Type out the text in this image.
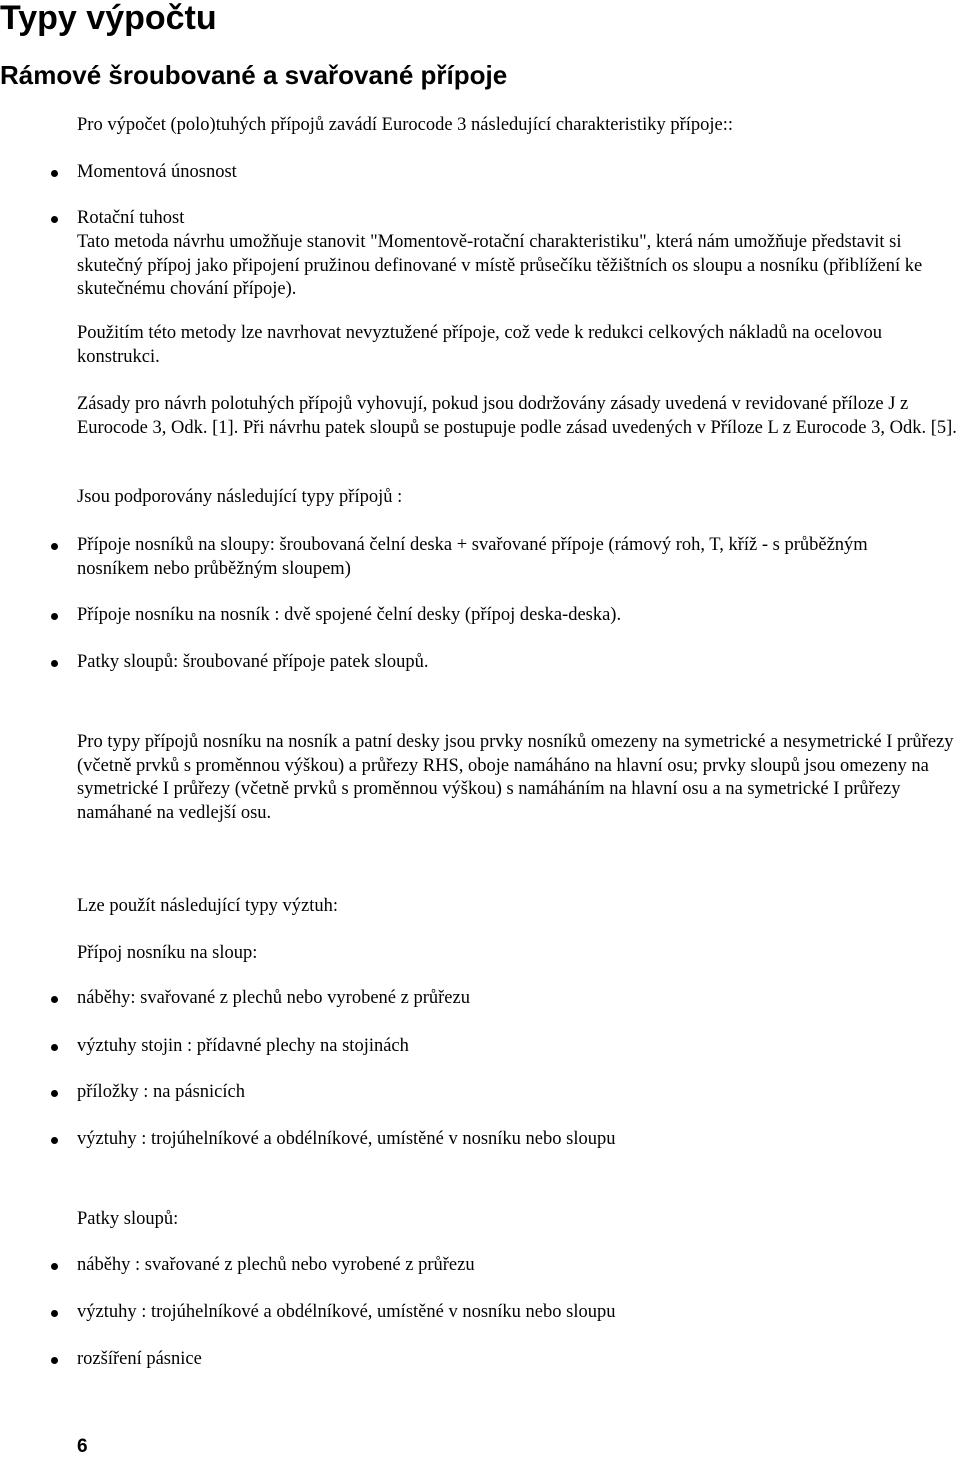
Typy výpočtu
Rámové šroubované a svařované přípoje

Pro výpočet (polo)tuhých přípojů zavádí Eurocode 3 následující charakteristiky přípoje::

Momentová únosnost

Rotační tuhost

Tato metoda návrhu umožňuje stanovit "Momentově-rotační charakteristiku", která nám umožňuje představit si skutečný přípoj jako připojení pružinou definované v místě průsečíku těžištních os sloupu a nosníku (přiblížení ke skutečnému chování přípoje).

Použitím této metody lze navrhovat nevyztužené přípoje, což vede k redukci celkových nákladů na ocelovou konstrukci.

Zásady pro návrh polotuhých přípojů vyhovují, pokud jsou dodržovány zásady uvedená v revidované příloze J z Eurocode 3, Odk. [1]. Při návrhu patek sloupů se postupuje podle zásad uvedených v Příloze L z Eurocode 3, Odk. [5].

Jsou podporovány následující typy přípojů :

Přípoje nosníků na sloupy: šroubovaná čelní deska + svařované přípoje (rámový roh, T, kříž - s průběžným nosníkem nebo průběžným sloupem)

Přípoje nosníku na nosník : dvě spojené čelní desky (přípoj deska-deska).

Patky sloupů: šroubované přípoje patek sloupů.

Pro typy přípojů nosníku na nosník a patní desky jsou prvky nosníků omezeny na symetrické a nesymetrické I průřezy (včetně prvků s proměnnou výškou) a průřezy RHS, oboje namáháno na hlavní osu; prvky sloupů jsou omezeny na symetrické I průřezy (včetně prvků s proměnnou výškou) s namáháním na hlavní osu a na symetrické I průřezy namáhané na vedlejší osu.

Lze použít následující typy výztuh:

Přípoj nosníku na sloup:

náběhy: svařované z plechů nebo vyrobené z průřezu

výztuhy stojin : přídavné plechy na stojinách

příložky : na pásnicích

výztuhy : trojúhelníkové a obdélníkové, umístěné v nosníku nebo sloupu

Patky sloupů:

náběhy : svařované z plechů nebo vyrobené z průřezu

výztuhy : trojúhelníkové a obdélníkové, umístěné v nosníku nebo sloupu

rozšíření pásnice

6
